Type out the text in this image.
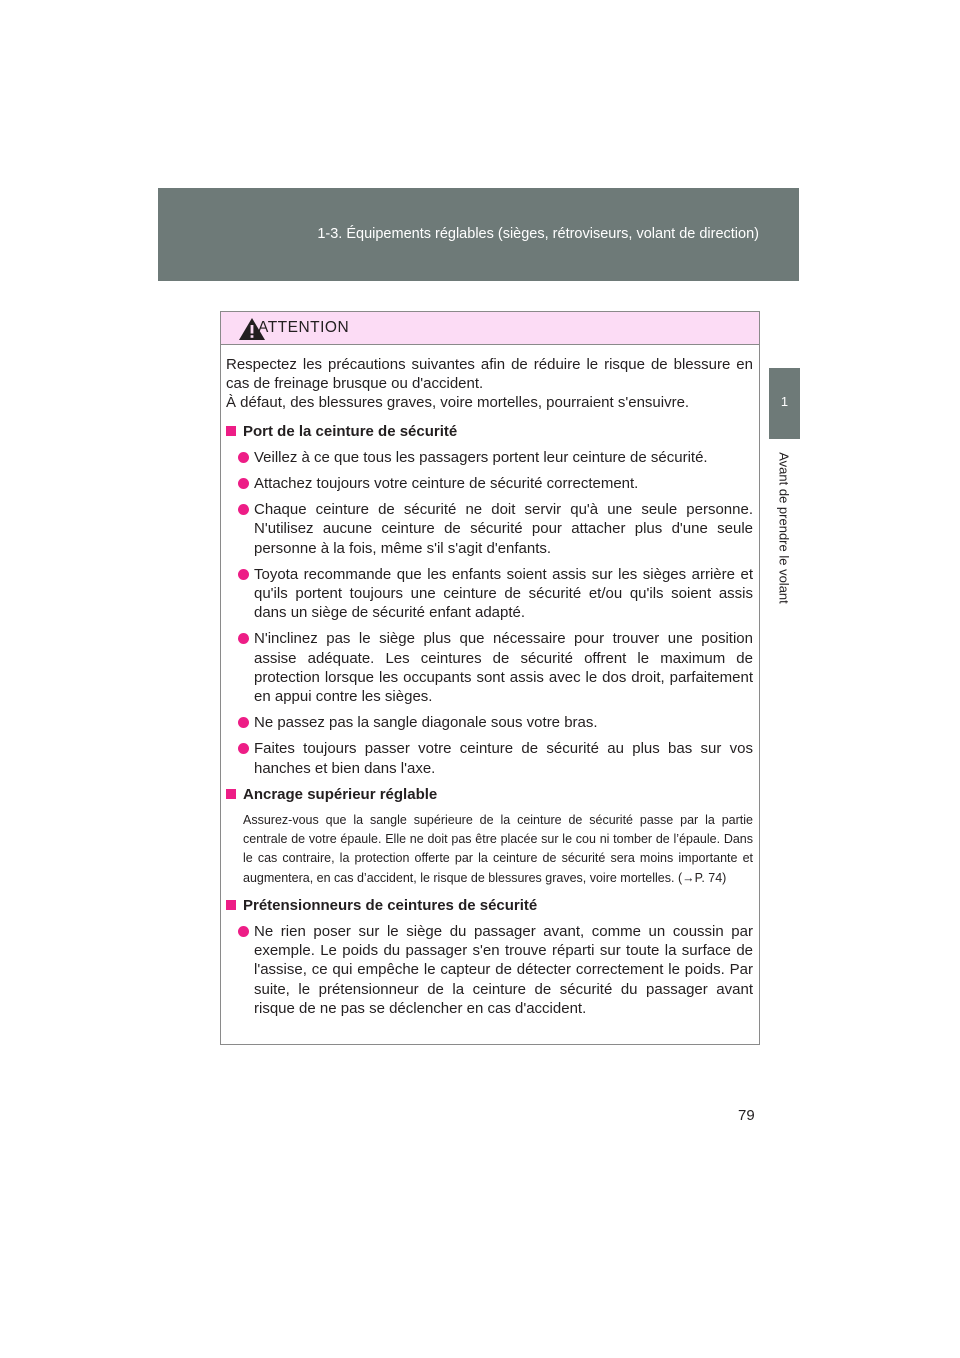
1-3. Équipements réglables (sièges, rétroviseurs, volant de direction)
1
Avant de prendre le volant
ATTENTION

Respectez les précautions suivantes afin de réduire le risque de blessure en cas de freinage brusque ou d'accident.
À défaut, des blessures graves, voire mortelles, pourraient s'ensuivre.

Port de la ceinture de sécurité
Veillez à ce que tous les passagers portent leur ceinture de sécurité.
Attachez toujours votre ceinture de sécurité correctement.
Chaque ceinture de sécurité ne doit servir qu'à une seule personne. N'utilisez aucune ceinture de sécurité pour attacher plus d'une seule personne à la fois, même s'il s'agit d'enfants.
Toyota recommande que les enfants soient assis sur les sièges arrière et qu'ils portent toujours une ceinture de sécurité et/ou qu'ils soient assis dans un siège de sécurité enfant adapté.
N'inclinez pas le siège plus que nécessaire pour trouver une position assise adéquate. Les ceintures de sécurité offrent le maximum de protection lorsque les occupants sont assis avec le dos droit, parfaitement en appui contre les sièges.
Ne passez pas la sangle diagonale sous votre bras.
Faites toujours passer votre ceinture de sécurité au plus bas sur vos hanches et bien dans l'axe.
Ancrage supérieur réglable

Assurez-vous que la sangle supérieure de la ceinture de sécurité passe par la partie centrale de votre épaule. Elle ne doit pas être placée sur le cou ni tomber de l’épaule. Dans le cas contraire, la protection offerte par la ceinture de sécurité sera moins importante et augmentera, en cas d’accident, le risque de blessures graves, voire mortelles. (→P. 74)

Prétensionneurs de ceintures de sécurité
Ne rien poser sur le siège du passager avant, comme un coussin par exemple. Le poids du passager s'en trouve réparti sur toute la surface de l'assise, ce qui empêche le capteur de détecter correctement le poids. Par suite, le prétensionneur de la ceinture de sécurité du passager avant risque de ne pas se déclencher en cas d'accident.
79
